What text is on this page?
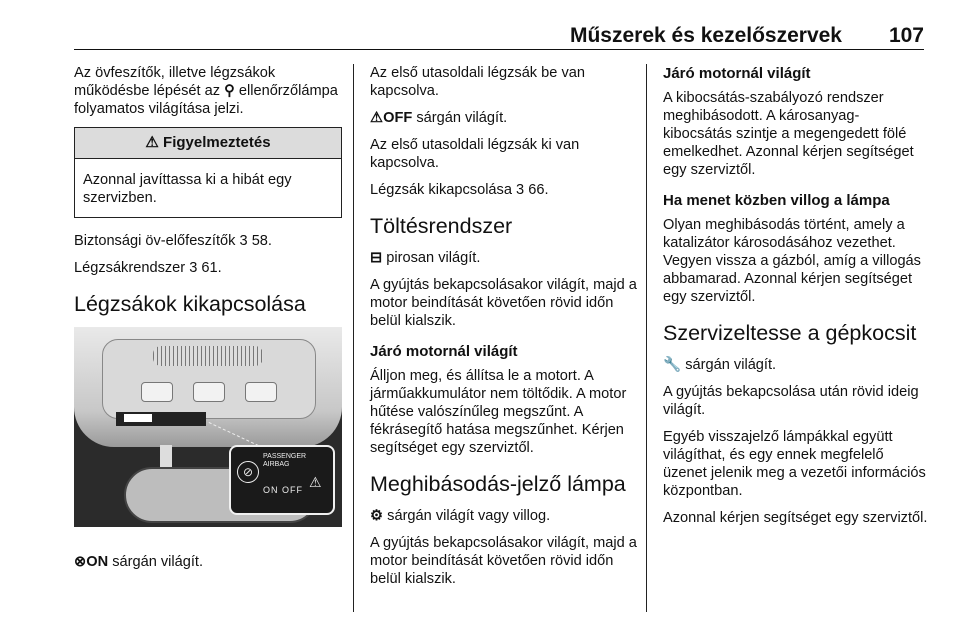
Műszerek és kezelőszervek 107

Az övfeszítők, illetve légzsákok működésbe lépését az ⚲ ellenőrzőlámpa folyamatos világítása jelzi.

⚠ Figyelmeztetés
Azonnal javíttassa ki a hibát egy szervizben.

Biztonsági öv-előfeszítők 3 58.

Légzsákrendszer 3 61.

Légzsákok kikapcsolása
⊘
PASSENGER
AIRBAG
ON OFF ⚠

⊗ON sárgán világít.

Az első utasoldali légzsák be van kapcsolva.

⚠OFF sárgán világít.

Az első utasoldali légzsák ki van kapcsolva.

Légzsák kikapcsolása 3 66.

Töltésrendszer

⊟ pirosan világít.

A gyújtás bekapcsolásakor világít, majd a motor beindítását követően rövid időn belül kialszik.

Járó motornál világít

Álljon meg, és állítsa le a motort. A járműakkumulátor nem töltődik. A motor hűtése valószínűleg megszűnt. A fékrásegítő hatása megszűnhet. Kérjen segítséget egy szerviztől.

Meghibásodás-jelző lámpa

⚙ sárgán világít vagy villog.

A gyújtás bekapcsolásakor világít, majd a motor beindítását követően rövid időn belül kialszik.

Járó motornál világít

A kibocsátás-szabályozó rendszer meghibásodott. A károsanyag-kibocsátás szintje a megengedett fölé emelkedhet. Azonnal kérjen segítséget egy szerviztől.

Ha menet közben villog a lámpa

Olyan meghibásodás történt, amely a katalizátor károsodásához vezethet. Vegyen vissza a gázból, amíg a villogás abbamarad. Azonnal kérjen segítséget egy szerviztől.

Szervizeltesse a gépkocsit

🔧 sárgán világít.

A gyújtás bekapcsolása után rövid ideig világít.

Egyéb visszajelző lámpákkal együtt világíthat, és egy ennek megfelelő üzenet jelenik meg a vezetői információs központban.

Azonnal kérjen segítséget egy szerviztől.
